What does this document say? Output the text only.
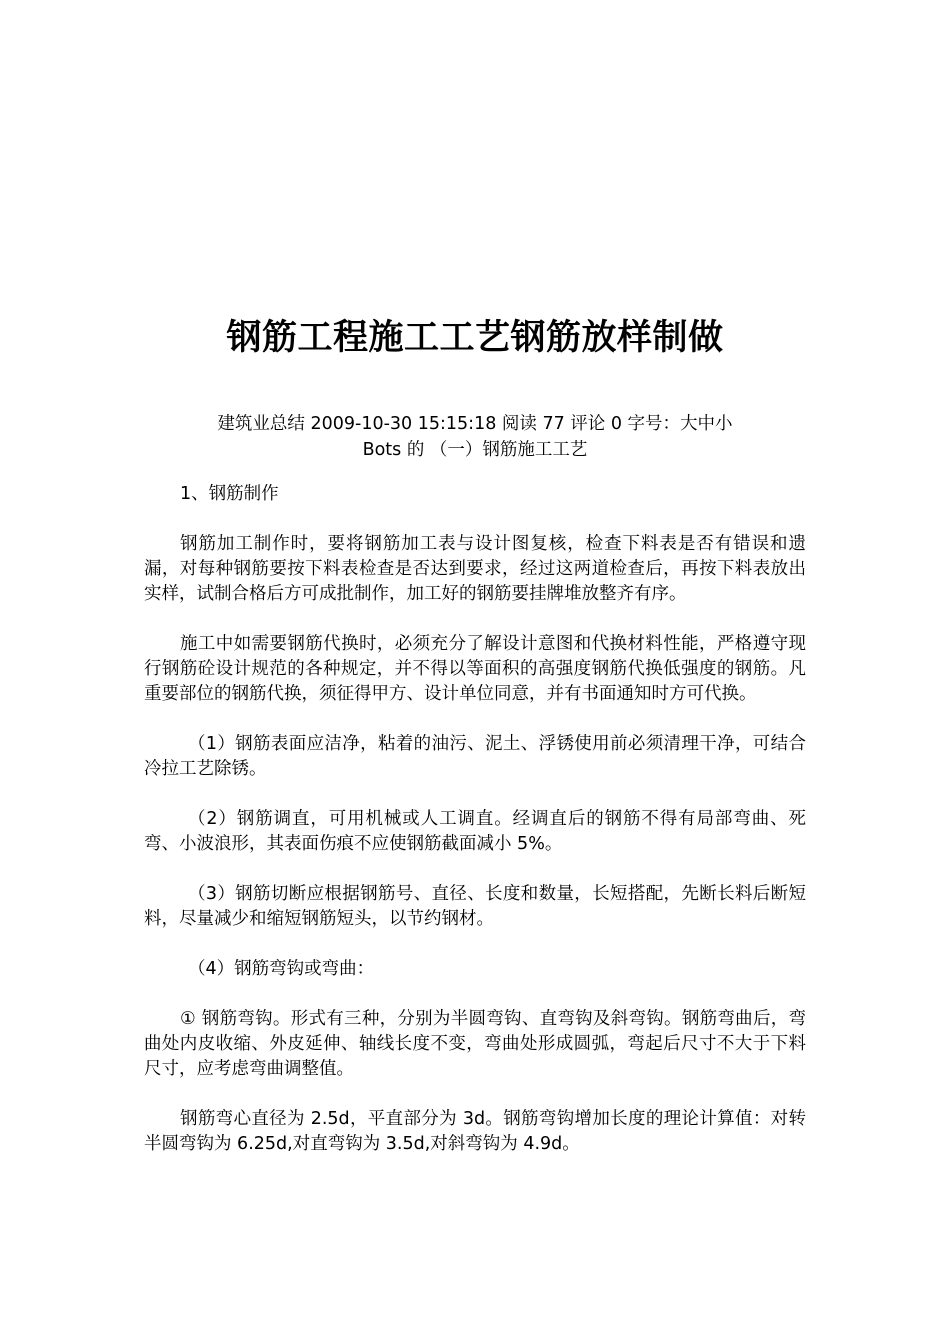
钢筋工程施工工艺钢筋放样制做
建筑业总结 2009-10-30 15:15:18 阅读 77 评论 0 字号：大中小
Bots 的 （一）钢筋施工工艺

1、钢筋制作

钢筋加工制作时，要将钢筋加工表与设计图复核，检查下料表是否有错误和遗漏，对每种钢筋要按下料表检查是否达到要求，经过这两道检查后，再按下料表放出实样，试制合格后方可成批制作，加工好的钢筋要挂牌堆放整齐有序。

施工中如需要钢筋代换时，必须充分了解设计意图和代换材料性能，严格遵守现行钢筋砼设计规范的各种规定，并不得以等面积的高强度钢筋代换低强度的钢筋。凡重要部位的钢筋代换，须征得甲方、设计单位同意，并有书面通知时方可代换。

（1）钢筋表面应洁净，粘着的油污、泥土、浮锈使用前必须清理干净，可结合冷拉工艺除锈。

（2）钢筋调直，可用机械或人工调直。经调直后的钢筋不得有局部弯曲、死弯、小波浪形，其表面伤痕不应使钢筋截面减小 5%。

（3）钢筋切断应根据钢筋号、直径、长度和数量，长短搭配，先断长料后断短料，尽量减少和缩短钢筋短头，以节约钢材。

（4）钢筋弯钩或弯曲：

① 钢筋弯钩。形式有三种，分别为半圆弯钩、直弯钩及斜弯钩。钢筋弯曲后，弯曲处内皮收缩、外皮延伸、轴线长度不变，弯曲处形成圆弧，弯起后尺寸不大于下料尺寸，应考虑弯曲调整值。

钢筋弯心直径为 2.5d，平直部分为 3d。钢筋弯钩增加长度的理论计算值：对转半圆弯钩为 6.25d,对直弯钩为 3.5d,对斜弯钩为 4.9d。
